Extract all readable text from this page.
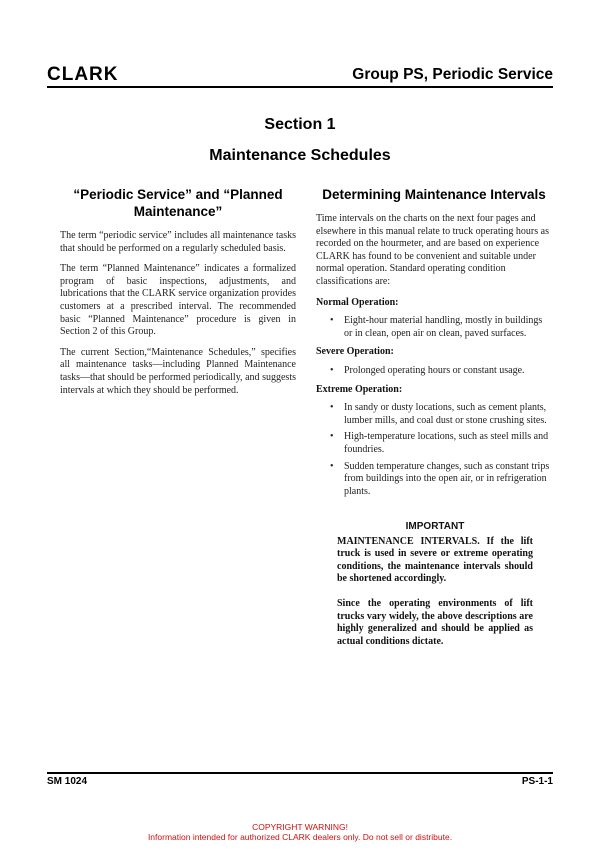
CLARK	Group PS, Periodic Service
Section 1
Maintenance Schedules
“Periodic Service” and “Planned Maintenance”

The term “periodic service” includes all maintenance tasks that should be performed on a regularly scheduled basis.

The term “Planned Maintenance” indicates a formalized program of basic inspections, adjustments, and lubrications that the CLARK service organization provides customers at a prescribed interval. The recommended basic “Planned Maintenance” procedure is given in Section 2 of this Group.

The current Section,“Maintenance Schedules,” specifies all maintenance tasks—including Planned Maintenance tasks—that should be performed periodically, and suggests intervals at which they should be performed.

Determining Maintenance Intervals

Time intervals on the charts on the next four pages and elsewhere in this manual relate to truck operating hours as recorded on the hourmeter, and are based on experience CLARK has found to be convenient and suitable under normal operation. Standard operating condition classifications are:

Normal Operation:
• Eight-hour material handling, mostly in buildings or in clean, open air on clean, paved surfaces.
Severe Operation:
• Prolonged operating hours or constant usage.
Extreme Operation:
• In sandy or dusty locations, such as cement plants, lumber mills, and coal dust or stone crushing sites.
• High-temperature locations, such as steel mills and foundries.
• Sudden temperature changes, such as constant trips from buildings into the open air, or in refrigeration plants.
IMPORTANT

MAINTENANCE INTERVALS. If the lift truck is used in severe or extreme operating conditions, the maintenance intervals should be shortened accordingly.

Since the operating environments of lift trucks vary widely, the above descriptions are highly generalized and should be applied as actual conditions dictate.

SM 1024	PS-1-1
COPYRIGHT WARNING!
Information intended for authorized CLARK dealers only. Do not sell or distribute.
